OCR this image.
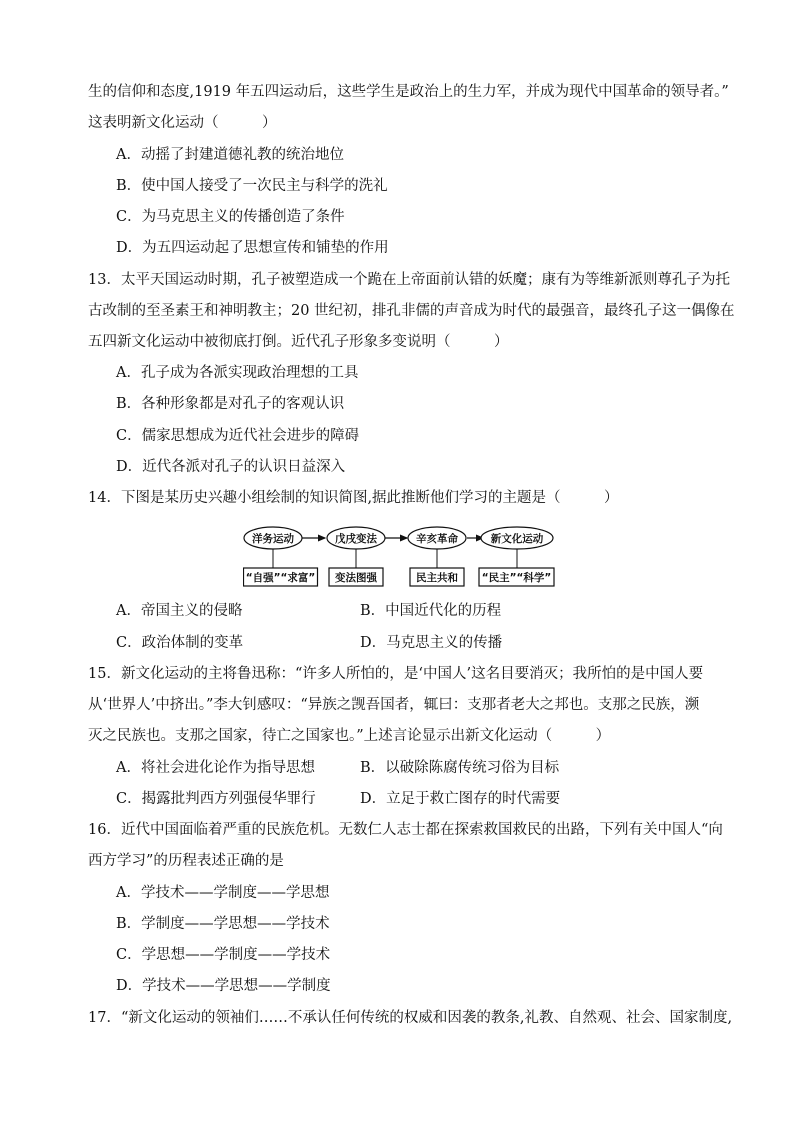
生的信仰和态度,1919 年五四运动后，这些学生是政治上的生力军，并成为现代中国革命的领导者。”
这表明新文化运动（　　　）
A．动摇了封建道德礼教的统治地位
B．使中国人接受了一次民主与科学的洗礼
C．为马克思主义的传播创造了条件
D．为五四运动起了思想宣传和铺垫的作用
13．太平天国运动时期，孔子被塑造成一个跪在上帝面前认错的妖魔；康有为等维新派则尊孔子为托
古改制的至圣素王和神明教主；20 世纪初，排孔非儒的声音成为时代的最强音，最终孔子这一偶像在
五四新文化运动中被彻底打倒。近代孔子形象多变说明（　　　）
A．孔子成为各派实现政治理想的工具
B．各种形象都是对孔子的客观认识
C．儒家思想成为近代社会进步的障碍
D．近代各派对孔子的认识日益深入
14．下图是某历史兴趣小组绘制的知识简图,据此推断他们学习的主题是（　　　）
洋务运动	戊戌变法	辛亥革命	新文化运动
“自强”“求富” 变法图强	民主共和 “民主”“科学”
A．帝国主义的侵略	B．中国近代化的历程
C．政治体制的变革	D．马克思主义的传播
15．新文化运动的主将鲁迅称：“许多人所怕的，是‘中国人’这名目要消灭；我所怕的是中国人要
从‘世界人’中挤出。”李大钊感叹：“异族之觊吾国者，辄曰：支那者老大之邦也。支那之民族，濒
灭之民族也。支那之国家，待亡之国家也。”上述言论显示出新文化运动（　　　）
A．将社会进化论作为指导思想	B．以破除陈腐传统习俗为目标
C．揭露批判西方列强侵华罪行	D．立足于救亡图存的时代需要
16．近代中国面临着严重的民族危机。无数仁人志士都在探索救国救民的出路，下列有关中国人“向
西方学习”的历程表述正确的是
A．学技术——学制度——学思想
B．学制度——学思想——学技术
C．学思想——学制度——学技术
D．学技术——学思想——学制度
17．“新文化运动的领袖们……不承认任何传统的权威和因袭的教条,礼教、自然观、社会、国家制度,
